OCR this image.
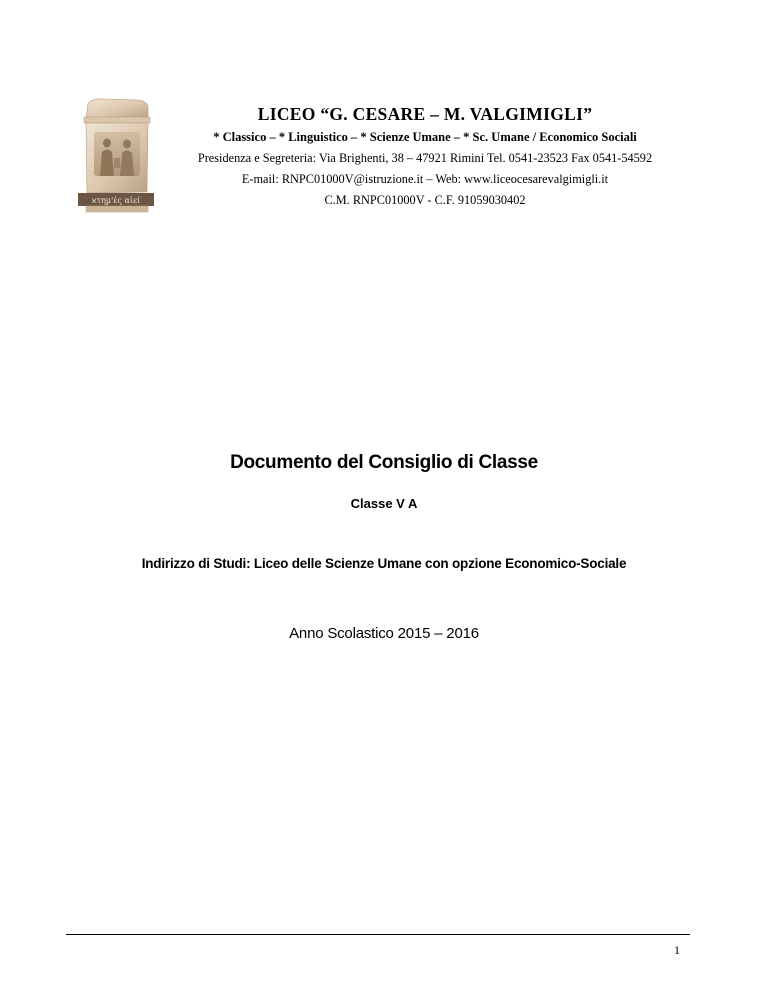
ϰτηµ'ές αἰεί
LICEO “G. CESARE – M. VALGIMIGLI”
* Classico – * Linguistico – * Scienze Umane – * Sc. Umane / Economico Sociali
Presidenza e Segreteria: Via Brighenti, 38 – 47921 Rimini Tel. 0541-23523 Fax 0541-54592
E-mail: RNPC01000V@istruzione.it – Web: www.liceocesarevalgimigli.it
C.M. RNPC01000V - C.F. 91059030402
Documento del Consiglio di Classe
Classe V A
Indirizzo di Studi: Liceo delle Scienze Umane con opzione Economico-Sociale
Anno Scolastico 2015 – 2016
1
